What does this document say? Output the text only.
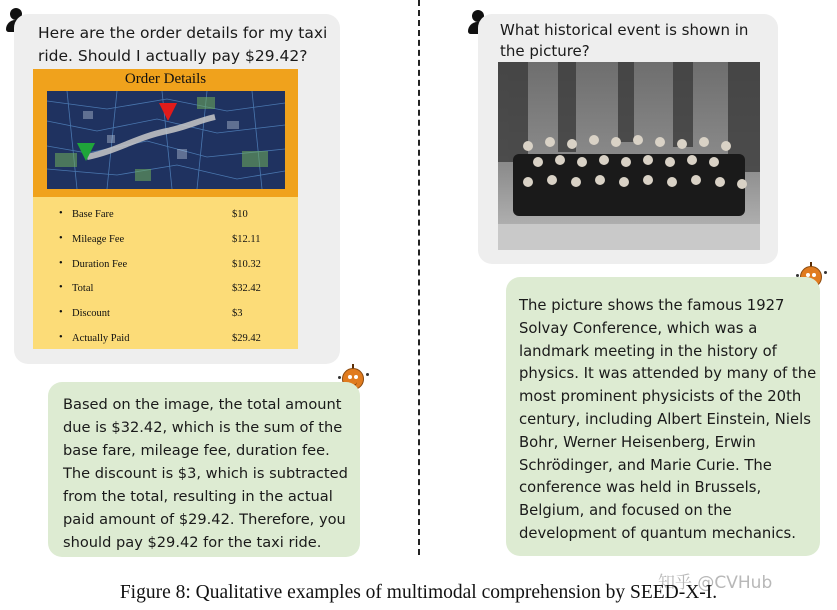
Here are the order details for my taxi ride. Should I actually pay $29.42?
Order Details
• Base Fare	$10
• Mileage Fee	$12.11
• Duration Fee	$10.32
• Total	$32.42
• Discount	$3
• Actually Paid	$29.42
Based on the image, the total amount due is $32.42, which is the sum of the base fare, mileage fee, duration fee. The discount is $3, which is subtracted from the total, resulting in the actual paid amount of $29.42. Therefore, you should pay $29.42 for the taxi ride.
What historical event is shown in the picture?
The picture shows the famous 1927 Solvay Conference, which was a landmark meeting in the history of physics. It was attended by many of the most prominent physicists of the 20th century, including Albert Einstein, Niels Bohr, Werner Heisenberg, Erwin Schrödinger, and Marie Curie. The conference was held in Brussels, Belgium, and focused on the development of quantum mechanics.
知乎 @CVHub
Figure 8: Qualitative examples of multimodal comprehension by SEED-X-I.
